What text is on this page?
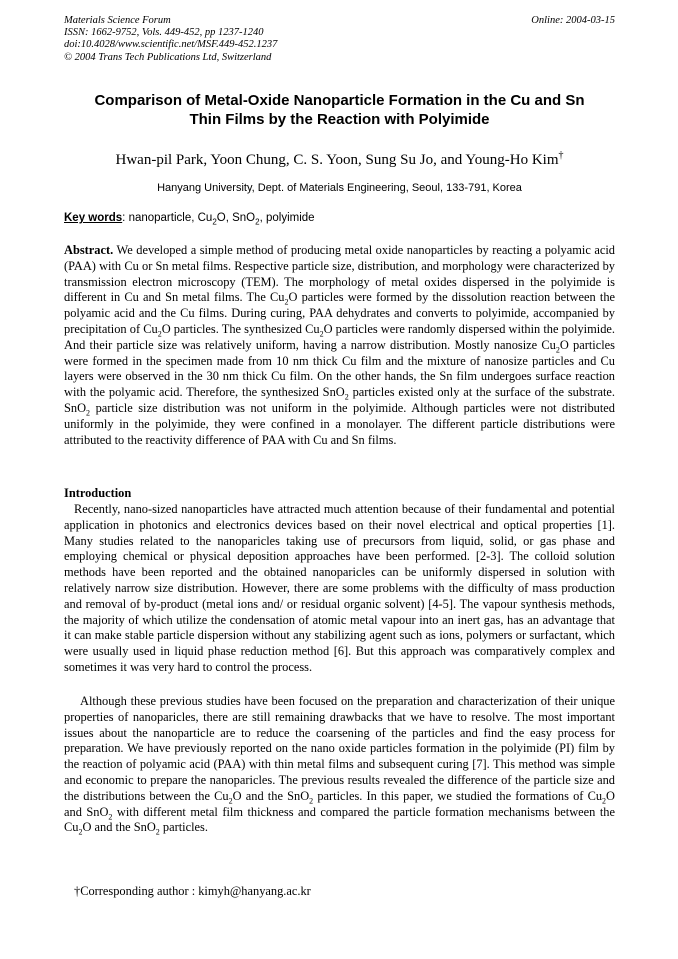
Materials Science Forum
ISSN: 1662-9752, Vols. 449-452, pp 1237-1240
doi:10.4028/www.scientific.net/MSF.449-452.1237
© 2004 Trans Tech Publications Ltd, Switzerland
Online: 2004-03-15
Comparison of Metal-Oxide Nanoparticle Formation in the Cu and Sn
Thin Films by the Reaction with Polyimide
Hwan-pil Park, Yoon Chung, C. S. Yoon, Sung Su Jo, and Young-Ho Kim†
Hanyang University, Dept. of Materials Engineering, Seoul, 133-791, Korea
Key words: nanoparticle, $Cu_2O$, SnO$_2$, polyimide
Abstract. We developed a simple method of producing metal oxide nanoparticles by reacting a polyamic acid (PAA) with Cu or Sn metal films. Respective particle size, distribution, and morphology were characterized by transmission electron microscopy (TEM). The morphology of metal oxides dispersed in the polyimide is different in Cu and Sn metal films. The $Cu_2O$ particles were formed by the dissolution reaction between the polyamic acid and the Cu films. During curing, PAA dehydrates and converts to polyimide, accompanied by precipitation of $Cu_2O$ particles. The synthesized $Cu_2O$ particles were randomly dispersed within the polyimide. And their particle size was relatively uniform, having a narrow distribution. Mostly nanosize $Cu_2O$ particles were formed in the specimen made from 10 nm thick Cu film and the mixture of nanosize particles and Cu layers were observed in the 30 nm thick Cu film. On the other hands, the Sn film undergoes surface reaction with the polyamic acid. Therefore, the synthesized SnO$_2$ particles existed only at the surface of the substrate. SnO$_2$ particle size distribution was not uniform in the polyimide. Although particles were not distributed uniformly in the polyimide, they were confined in a monolayer. The different particle distributions were attributed to the reactivity difference of PAA with Cu and Sn films.
Introduction
Recently, nano-sized nanoparticles have attracted much attention because of their fundamental and potential application in photonics and electronics devices based on their novel electrical and optical properties [1]. Many studies related to the nanoparicles taking use of precursors from liquid, solid, or gas phase and employing chemical or physical deposition approaches have been performed. [2-3]. The colloid solution methods have been reported and the obtained nanoparicles can be uniformly dispersed in solution with relatively narrow size distribution. However, there are some problems with the difficulty of mass production and removal of by-product (metal ions and/ or residual organic solvent) [4-5]. The vapour synthesis methods, the majority of which utilize the condensation of atomic metal vapour into an inert gas, has an advantage that it can make stable particle dispersion without any stabilizing agent such as ions, polymers or surfactant, which were usually used in liquid phase reduction method [6]. But this approach was comparatively complex and sometimes it was very hard to control the process.
Although these previous studies have been focused on the preparation and characterization of their unique properties of nanoparicles, there are still remaining drawbacks that we have to resolve. The most important issues about the nanoparticle are to reduce the coarsening of the particles and find the easy process for preparation. We have previously reported on the nano oxide particles formation in the polyimide (PI) film by the reaction of polyamic acid (PAA) with thin metal films and subsequent curing [7]. This method was simple and economic to prepare the nanoparicles. The previous results revealed the difference of the particle size and the distributions between the $Cu_2O$ and the SnO$_2$ particles. In this paper, we studied the formations of $Cu_2O$ and SnO$_2$ with different metal film thickness and compared the particle formation mechanisms between the $Cu_2O$ and the SnO$_2$ particles.
†Corresponding author : kimyh@hanyang.ac.kr
